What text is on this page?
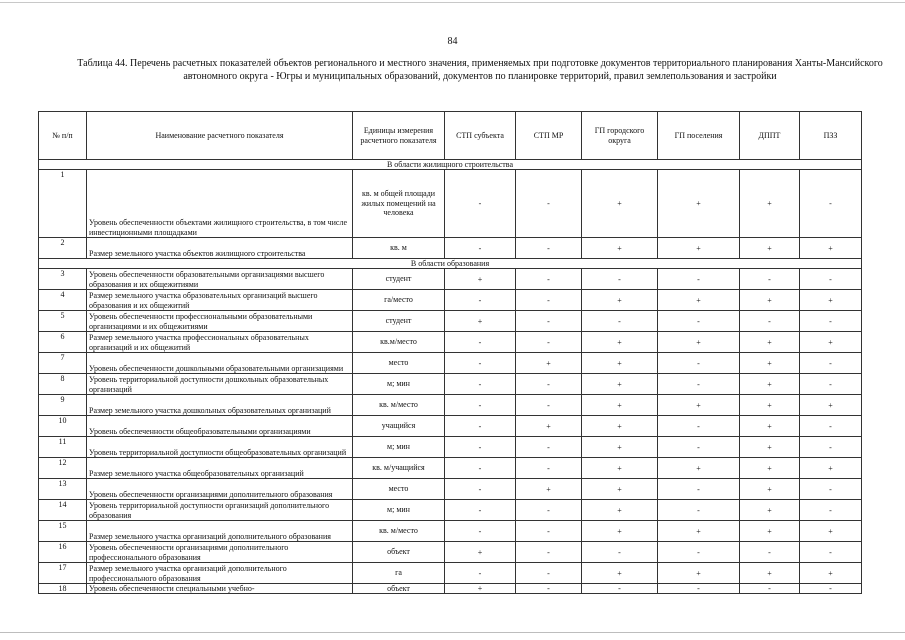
84
Таблица 44. Перечень расчетных показателей объектов регионального и местного значения, применяемых при подготовке документов территориального планирования Ханты-Мансийского автономного округа - Югры и муниципальных образований, документов по планировке территорий, правил землепользования и застройки
№ п/п	Наименование расчетного показателя	Единицы измерения расчетного показателя	СТП субъекта	СТП МР	ГП городского округа	ГП поселения	ДППТ	ПЗЗ
В области жилищного строительства								
1	Уровень обеспеченности объектами жилищного строительства, в том числе инвестиционными площадками	кв. м общей площади жилых помещений на человека	-	-	+	+	+	-
2	Размер земельного участка объектов жилищного строительства	кв. м	-	-	+	+	+	+
В области образования								
3	Уровень обеспеченности образовательными организациями высшего образования и их общежитиями	студент	+	-	-	-	-	-
4	Размер земельного участка образовательных организаций высшего образования и их общежитий	га/место	-	-	+	+	+	+
5	Уровень обеспеченности профессиональными образовательными организациями и их общежитиями	студент	+	-	-	-	-	-
6	Размер земельного участка профессиональных образовательных организаций и их общежитий	кв.м/место	-	-	+	+	+	+
7	Уровень обеспеченности дошкольными образовательными организациями	место	-	+	+	-	+	-
8	Уровень территориальной доступности дошкольных образовательных организаций	м; мин	-	-	+	-	+	-
9	Размер земельного участка дошкольных образовательных организаций	кв. м/место	-	-	+	+	+	+
10	Уровень обеспеченности общеобразовательными организациями	учащийся	-	+	+	-	+	-
11	Уровень территориальной доступности общеобразовательных организаций	м; мин	-	-	+	-	+	-
12	Размер земельного участка общеобразовательных организаций	кв. м/учащийся	-	-	+	+	+	+
13	Уровень обеспеченности организациями дополнительного образования	место	-	+	+	-	+	-
14	Уровень территориальной доступности организаций дополнительного образования	м; мин	-	-	+	-	+	-
15	Размер земельного участка организаций дополнительного образования	кв. м/место	-	-	+	+	+	+
16	Уровень обеспеченности организациями дополнительного профессионального образования	объект	+	-	-	-	-	-
17	Размер земельного участка организаций дополнительного профессионального образования	га	-	-	+	+	+	+
18	Уровень обеспеченности специальными учебно-	объект	+	-	-	-	-	-
